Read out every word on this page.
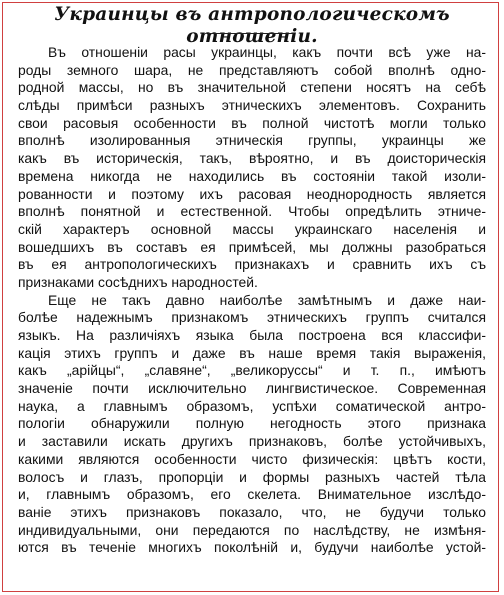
Украинцы въ антропологическомъ отношеніи.
Въ отношеніи расы украинцы, какъ почти всѣ уже на-
роды земного шара, не представляютъ собой вполнѣ одно-
родной массы, но въ значительной степени носятъ на себѣ
слѣды примѣси разныхъ этническихъ элементовъ. Сохранить
свои расовыя особенности въ полной чистотѣ могли только
вполнѣ изолированныя этническія группы, украинцы же
какъ въ историческія, такъ, вѣроятно, и въ доисторическія
времена никогда не находились въ состояніи такой изоли-
рованности и поэтому ихъ расовая неоднородность является
вполнѣ понятной и естественной. Чтобы опредѣлить этниче-
скій характеръ основной массы украинскаго населенія и
вошедшихъ въ составъ ея примѣсей, мы должны разобраться
въ ея антропологическихъ признакахъ и сравнить ихъ съ
признаками сосѣднихъ народностей.
Еще не такъ давно наиболѣе замѣтнымъ и даже наи-
болѣе надежнымъ признакомъ этническихъ группъ считался
языкъ. На различіяхъ языка была построена вся классифи-
кація этихъ группъ и даже въ наше время такія выраженія,
какъ „арійцы“, „славяне“, „великоруссы“ и т. п., имѣютъ
значеніе почти исключительно лингвистическое. Современная
наука, а главнымъ образомъ, успѣхи соматической антро-
пологіи обнаружили полную негодность этого признака
и заставили искать другихъ признаковъ, болѣе устойчивыхъ,
какими являются особенности чисто физическія: цвѣтъ кости,
волосъ и глазъ, пропорціи и формы разныхъ частей тѣла
и, главнымъ образомъ, его скелета. Внимательное изслѣдо-
ваніе этихъ признаковъ показало, что, не будучи только
индивидуальными, они передаются по наслѣдству, не измѣня-
ются въ теченіе многихъ поколѣній и, будучи наиболѣе устой-
